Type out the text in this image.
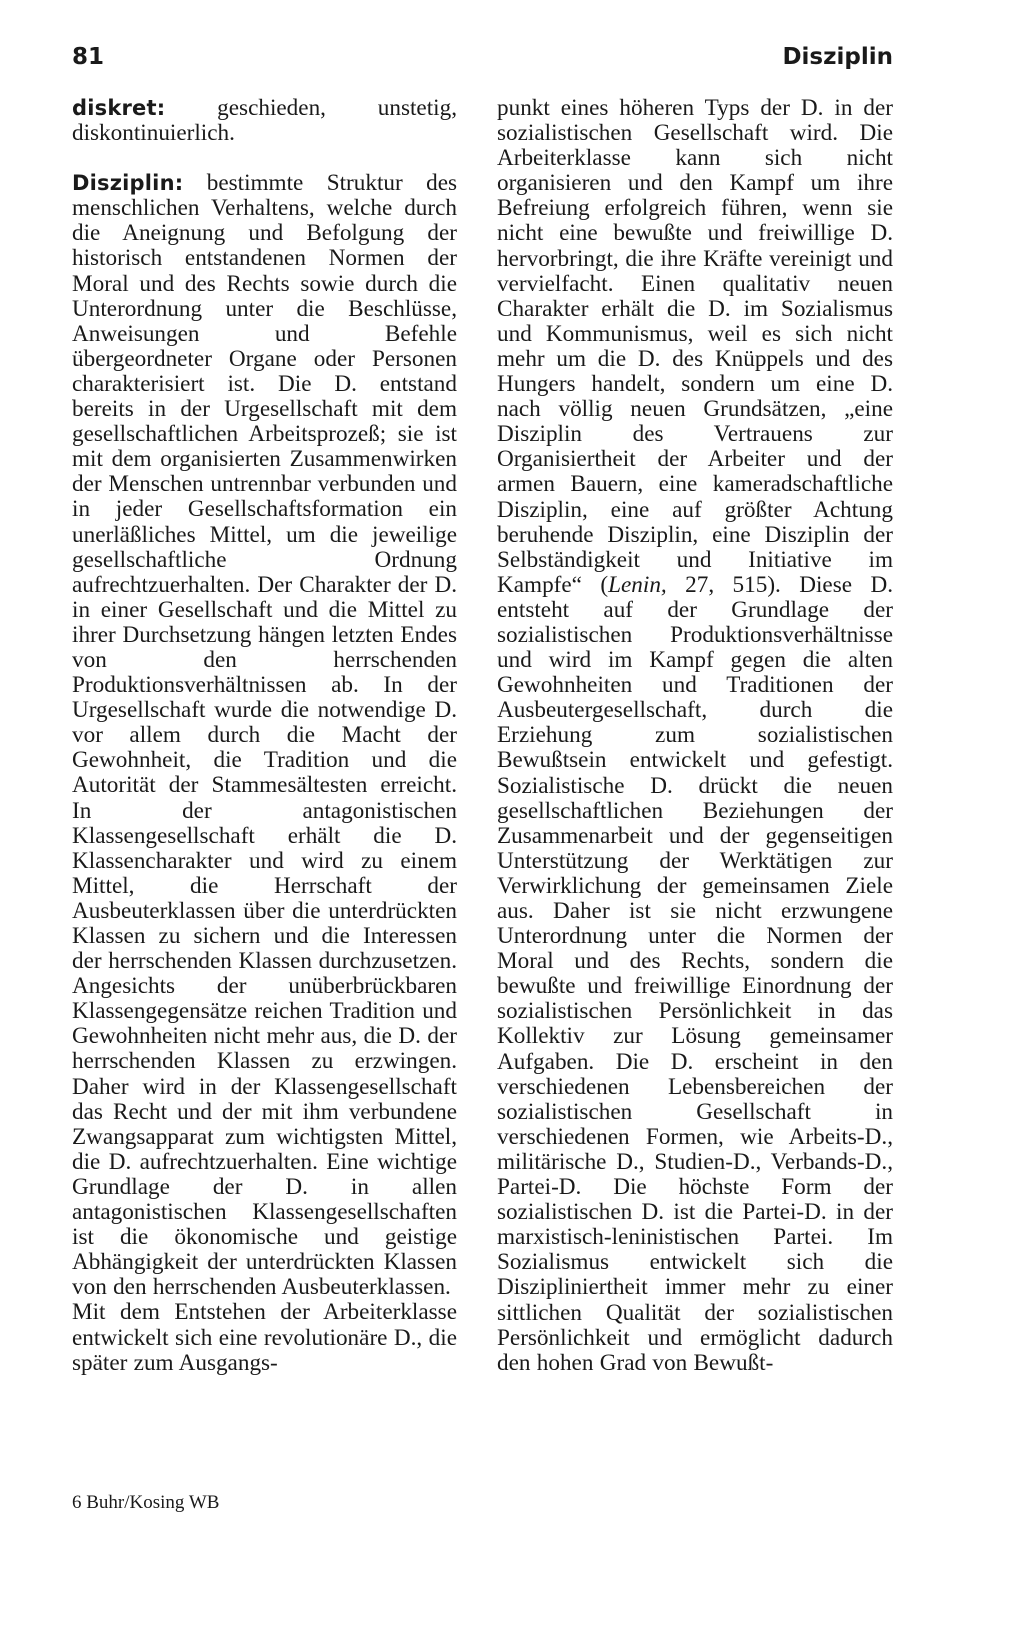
81	Disziplin

diskret: geschieden, unstetig, diskontinuierlich.

Disziplin: bestimmte Struktur des menschlichen Verhaltens, welche durch die Aneignung und Befolgung der historisch entstandenen Normen der Moral und des Rechts sowie durch die Unterordnung unter die Beschlüsse, Anweisungen und Befehle übergeordneter Organe oder Personen charakterisiert ist. Die D. entstand bereits in der Urgesellschaft mit dem gesellschaftlichen Arbeitsprozeß; sie ist mit dem organisierten Zusammenwirken der Menschen untrennbar verbunden und in jeder Gesellschaftsformation ein unerläßliches Mittel, um die jeweilige gesellschaftliche Ordnung aufrechtzuerhalten. Der Charakter der D. in einer Gesellschaft und die Mittel zu ihrer Durchsetzung hängen letzten Endes von den herrschenden Produktionsverhältnissen ab. In der Urgesellschaft wurde die notwendige D. vor allem durch die Macht der Gewohnheit, die Tradition und die Autorität der Stammesältesten erreicht. In der antagonistischen Klassengesellschaft erhält die D. Klassencharakter und wird zu einem Mittel, die Herrschaft der Ausbeuterklassen über die unterdrückten Klassen zu sichern und die Interessen der herrschenden Klassen durchzusetzen. Angesichts der unüberbrückbaren Klassengegensätze reichen Tradition und Gewohnheiten nicht mehr aus, die D. der herrschenden Klassen zu erzwingen. Daher wird in der Klassengesellschaft das Recht und der mit ihm verbundene Zwangsapparat zum wichtigsten Mittel, die D. aufrechtzuerhalten. Eine wichtige Grundlage der D. in allen antagonistischen Klassengesellschaften ist die ökonomische und geistige Abhängigkeit der unterdrückten Klassen von den herrschenden Ausbeuterklassen.

Mit dem Entstehen der Arbeiterklasse entwickelt sich eine revolutionäre D., die später zum Ausgangs-

punkt eines höheren Typs der D. in der sozialistischen Gesellschaft wird. Die Arbeiterklasse kann sich nicht organisieren und den Kampf um ihre Befreiung erfolgreich führen, wenn sie nicht eine bewußte und freiwillige D. hervorbringt, die ihre Kräfte vereinigt und vervielfacht. Einen qualitativ neuen Charakter erhält die D. im Sozialismus und Kommunismus, weil es sich nicht mehr um die D. des Knüppels und des Hungers handelt, sondern um eine D. nach völlig neuen Grundsätzen, „eine Disziplin des Vertrauens zur Organisiertheit der Arbeiter und der armen Bauern, eine kameradschaftliche Disziplin, eine auf größter Achtung beruhende Disziplin, eine Disziplin der Selbständigkeit und Initiative im Kampfe“ (Lenin, 27, 515). Diese D. entsteht auf der Grundlage der sozialistischen Produktionsverhältnisse und wird im Kampf gegen die alten Gewohnheiten und Traditionen der Ausbeutergesellschaft, durch die Erziehung zum sozialistischen Bewußtsein entwickelt und gefestigt. Sozialistische D. drückt die neuen gesellschaftlichen Beziehungen der Zusammenarbeit und der gegenseitigen Unterstützung der Werktätigen zur Verwirklichung der gemeinsamen Ziele aus. Daher ist sie nicht erzwungene Unterordnung unter die Normen der Moral und des Rechts, sondern die bewußte und freiwillige Einordnung der sozialistischen Persönlichkeit in das Kollektiv zur Lösung gemeinsamer Aufgaben. Die D. erscheint in den verschiedenen Lebensbereichen der sozialistischen Gesellschaft in verschiedenen Formen, wie Arbeits-D., militärische D., Studien-D., Verbands-D., Partei-D. Die höchste Form der sozialistischen D. ist die Partei-D. in der marxistisch-leninistischen Partei. Im Sozialismus entwickelt sich die Diszipliniertheit immer mehr zu einer sittlichen Qualität der sozialistischen Persönlichkeit und ermöglicht dadurch den hohen Grad von Bewußt-

6 Buhr/Kosing WB
